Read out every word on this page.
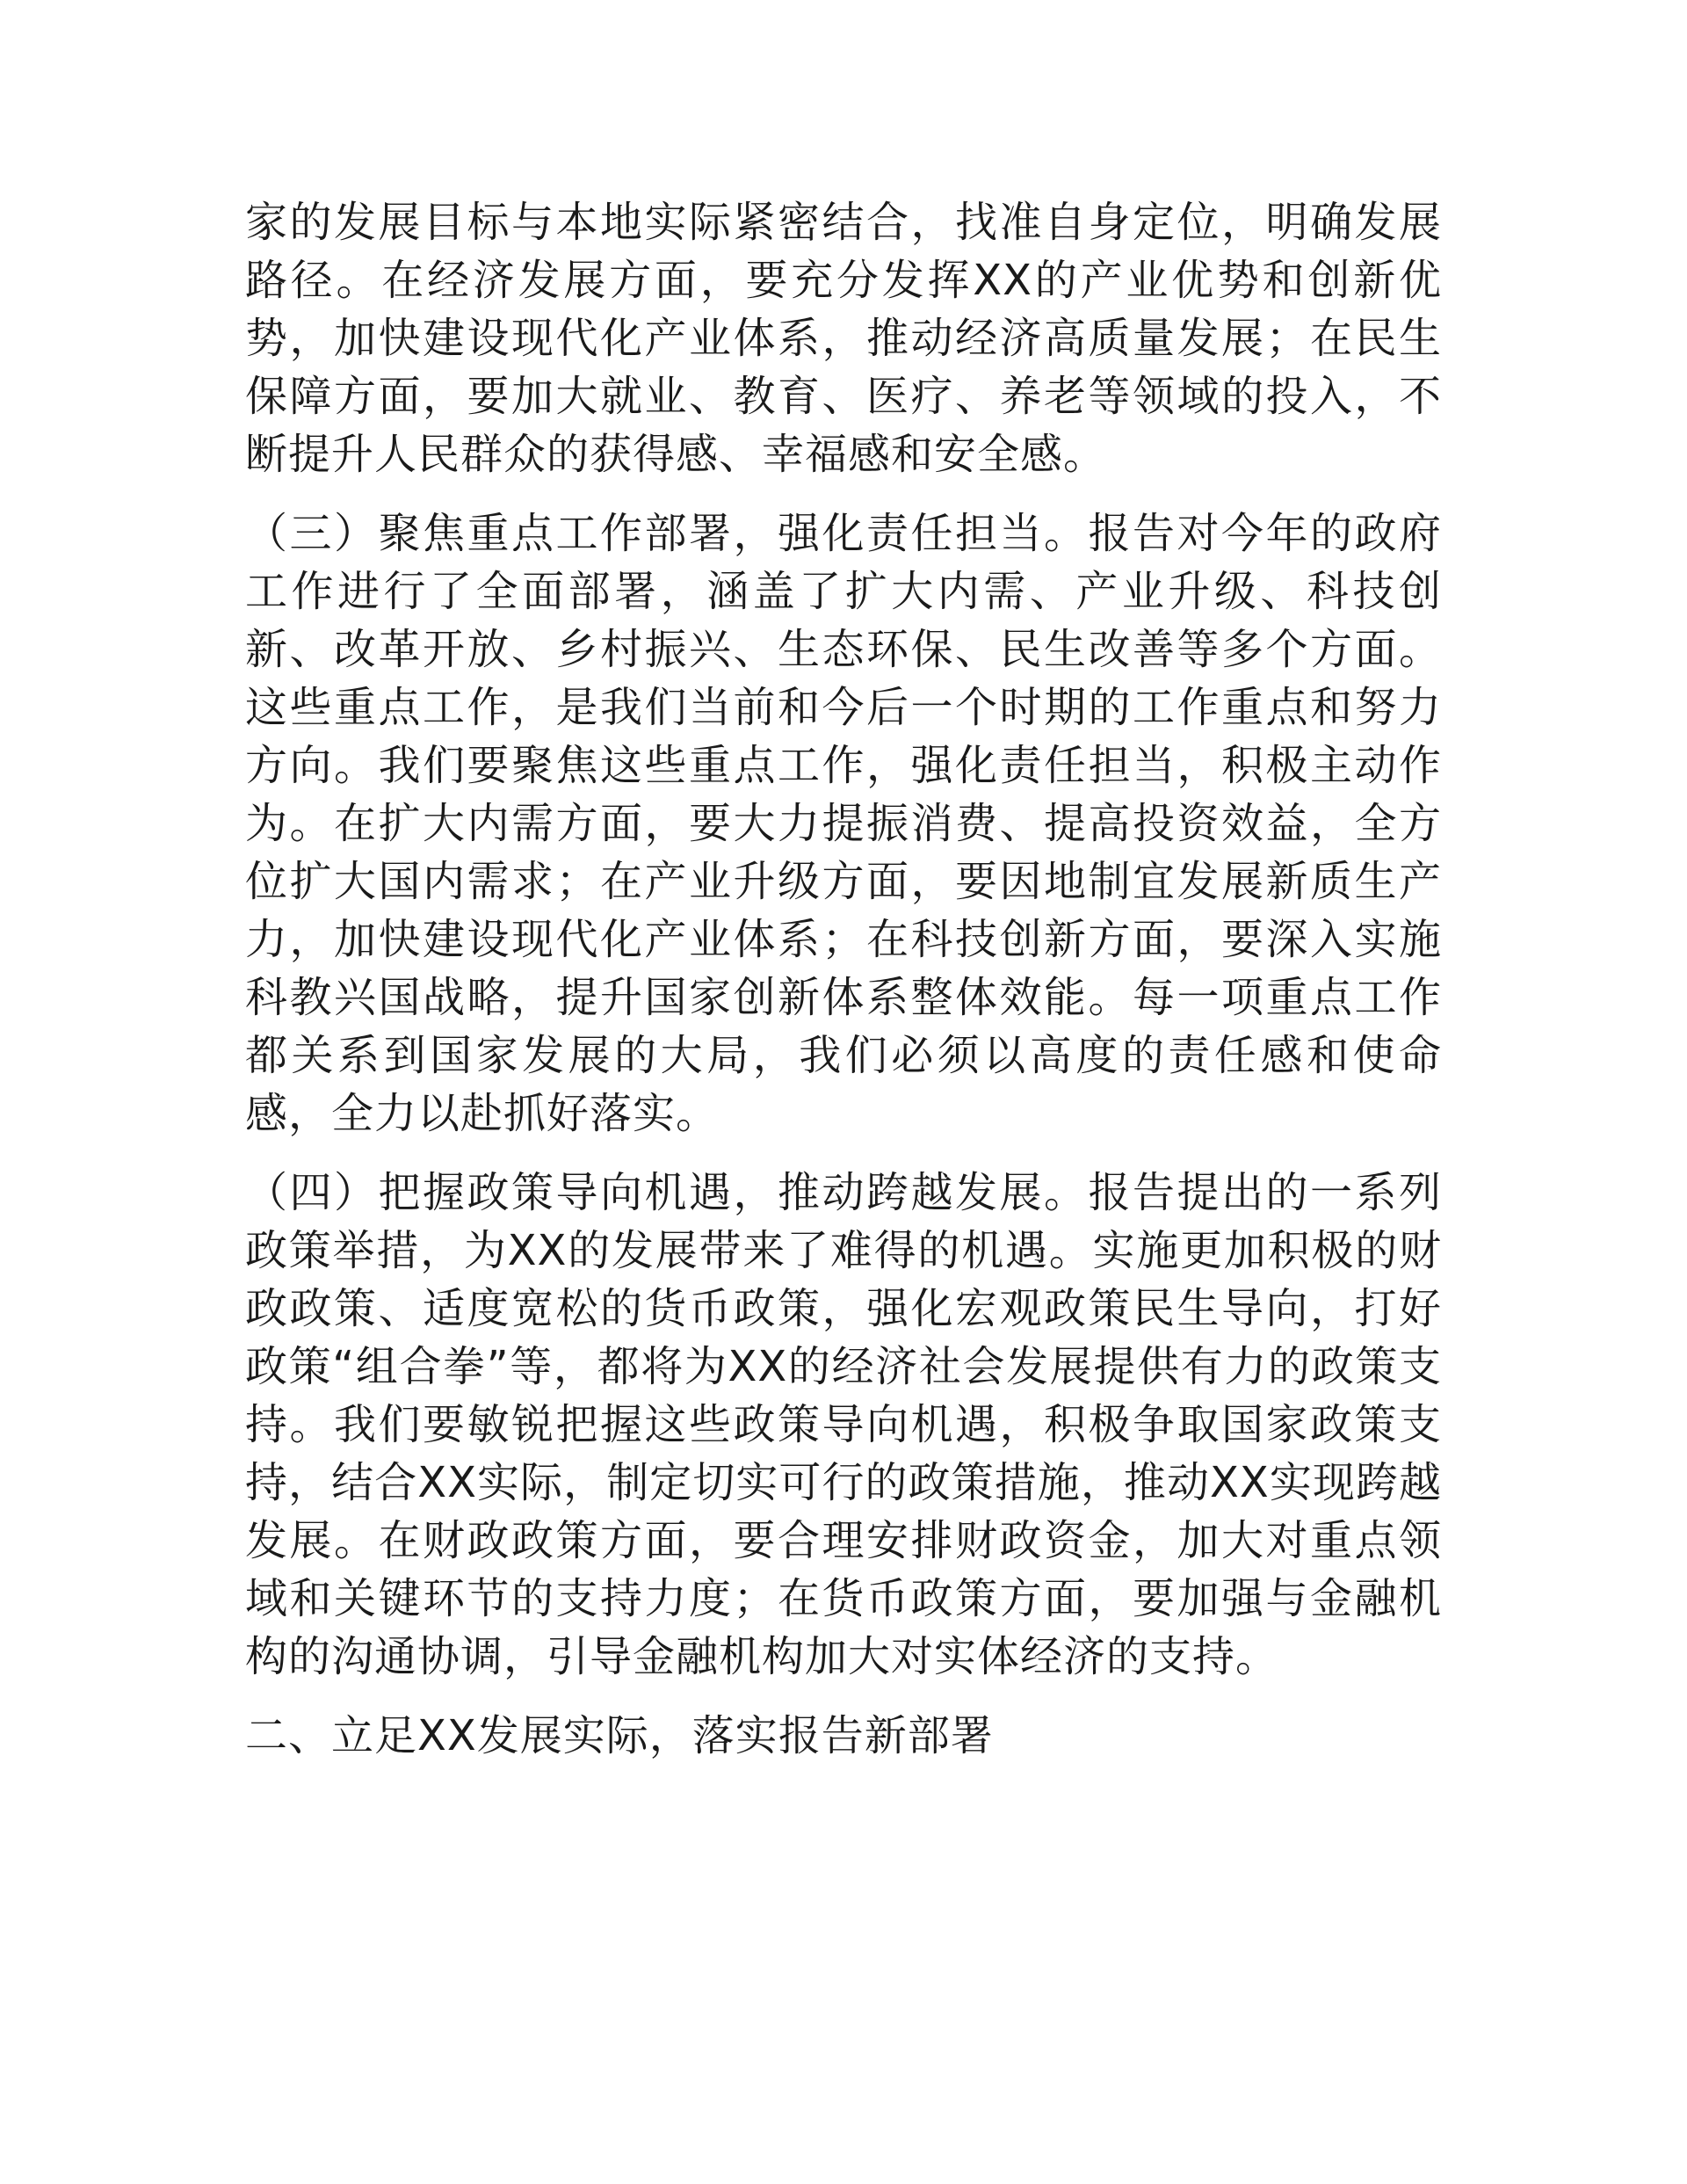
家的发展目标与本地实际紧密结合，找准自身定位，明确发展路径。在经济发展方面，要充分发挥XX的产业优势和创新优势，加快建设现代化产业体系，推动经济高质量发展；在民生保障方面，要加大就业、教育、医疗、养老等领域的投入，不断提升人民群众的获得感、幸福感和安全感。

（三）聚焦重点工作部署，强化责任担当。报告对今年的政府工作进行了全面部署，涵盖了扩大内需、产业升级、科技创新、改革开放、乡村振兴、生态环保、民生改善等多个方面。这些重点工作，是我们当前和今后一个时期的工作重点和努力方向。我们要聚焦这些重点工作，强化责任担当，积极主动作为。在扩大内需方面，要大力提振消费、提高投资效益，全方位扩大国内需求；在产业升级方面，要因地制宜发展新质生产力，加快建设现代化产业体系；在科技创新方面，要深入实施科教兴国战略，提升国家创新体系整体效能。每一项重点工作都关系到国家发展的大局，我们必须以高度的责任感和使命感，全力以赴抓好落实。

（四）把握政策导向机遇，推动跨越发展。报告提出的一系列政策举措，为XX的发展带来了难得的机遇。实施更加积极的财政政策、适度宽松的货币政策，强化宏观政策民生导向，打好政策“组合拳”等，都将为XX的经济社会发展提供有力的政策支持。我们要敏锐把握这些政策导向机遇，积极争取国家政策支持，结合XX实际，制定切实可行的政策措施，推动XX实现跨越发展。在财政政策方面，要合理安排财政资金，加大对重点领域和关键环节的支持力度；在货币政策方面，要加强与金融机构的沟通协调，引导金融机构加大对实体经济的支持。

二、立足XX发展实际，落实报告新部署
